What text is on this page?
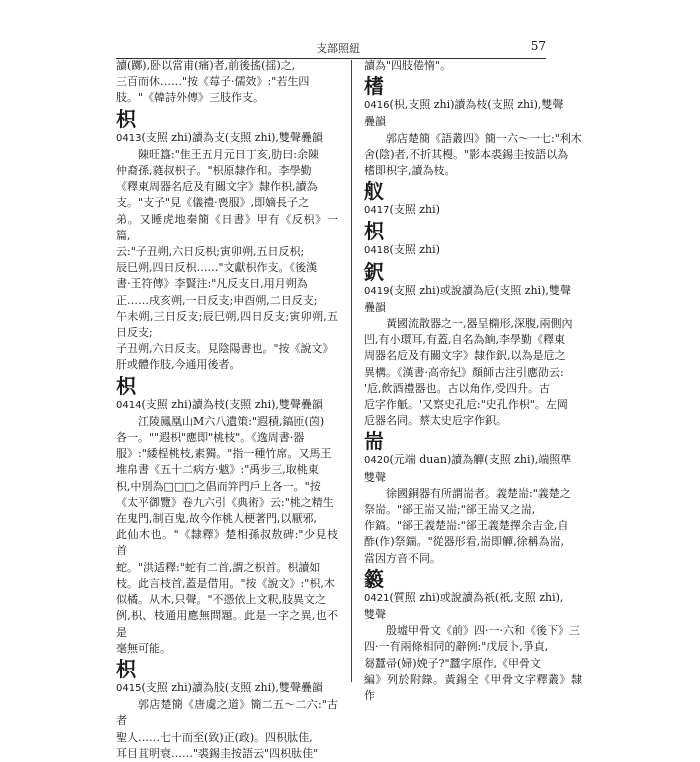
支部照紐	57

讀(躑),卧以當甫(痛)者,前後搖(揺)之,

三百而休……"按《莓子·儒效》:"若生四

肢。"《韓詩外傳》三肢作支。

枳

0413(支照 zhi)讀為支(支照 zhi),雙聲疊韻

陳旺簋:"隹王五月元日丁亥,肋曰:余陳

仲裔孫,蕤叔枳子。"枳原隸作和。李學勤

《釋東周器名卮及有關文字》隸作枳,讀為

支。"支子"見《儀禮·喪服》,即嫡長子之

弟。又睡虎地秦簡《日書》甲有《反枳》一篇,

云:"子丑朔,六日反枳;寅卯朔,五日反枳;

辰巳朔,四日反枳……"文獻枳作支。《後漢

書·王符傳》李賢注:"凡反支日,用月朔為

正……戌亥朔,一日反支;申酉朔,二日反支;

午未朔,三日反支;辰巳朔,四日反支;寅卯朔,五日反支;

子丑朔,六日反支。見陰陽書也。"按《說文》

肝或體作肢,今通用後者。

枳

0414(支照 zhi)讀為枝(支照 zhi),雙聲疊韻

江陵鳳凰山M六八遺策:"遐積,鎬匝(茵)

各一。""遐枳"應即"桃枝"。《逸周書·器

服》:"緌桯桃枝,素獨。"指一種竹席。又馬王

堆帛書《五十二病方·魃》:"禹步三,取桃東

枳,中別為□□□之倡而笄門戶上各一。"按

《太平御覽》卷九六引《典術》云:"桃之精生

在鬼門,制百鬼,故今作桃人梗著門,以厭邪,

此仙木也。"《隸釋》楚相孫叔敖碑:"少見枝首

蛇。"洪适釋:"蛇有二首,謂之枳首。枳讀如

枝。此言枝首,蓋是借用。"按《說文》:"枳,木

似橘。从木,只聲。"不憑依上文釈,肢異文之

例,枳、枝通用應無問題。此是一字之異,也不是

毫無可能。

枳

0415(支照 zhi)讀為肢(支照 zhi),雙聲疊韻

郭店楚簡《唐虞之道》簡二五～二六:"古者

聖人……七十而至(致)正(政)。四枳肽佳,

耳目苴明衰……"裘錫圭按語云"四枳肽佳"

讀為"四肢倦惰"。

榰

0416(枳,支照 zhi)讀為枝(支照 zhi),雙聲

疊韻

郭店楚簡《語叢四》簡一六～一七:"利木

舍(陰)者,不折其槾。"影本裘錫圭按語以為

榰即枳字,讀為枝。

舣

0417(支照 zhi)

枳

0418(支照 zhi)

鈬

0419(支照 zhi)或說讀為卮(支照 zhi),雙聲

疊韻

黃國流散器之一,器呈橢形,深腹,兩側內

凹,有小環耳,有蓋,自名為餉,李學勤《釋東

周器名卮及有關文字》隸作鈬,以為是卮之

異構。《漢書·高帝紀》顏師古注引應劭云:

'卮,飲酒禮器也。古以角作,受四升。古

卮字作觗。'又察史孔卮:"史孔作枳"。左岡

卮器名同。蔡太史卮字作鉙。

耑

0420(元端 duan)讀為觶(支照 zhi),端照準

雙聲

徐國銅器有所謂耑者。義楚耑:"義楚之

祭耑。"郤王耑又耑;"郤王耑又之耑,

作鎬。"郤王義楚耑:"郤王義楚擇余吉金,自

酢(作)祭鍴。"從器形看,耑即觶,徐稱為耑,

當因方音不同。

䉨

0421(質照 zhi)或說讀為祇(祇,支照 zhi),

雙聲

殷墟甲骨文《前》四·一·六和《後下》三

四·一有兩條相同的辭例:"戊辰卜,爭貞,

芻蠶帚(婦)娩子?"蠶字原作,《甲骨文

編》列於附錄。黃錫全《甲骨文字釋叢》隸作
